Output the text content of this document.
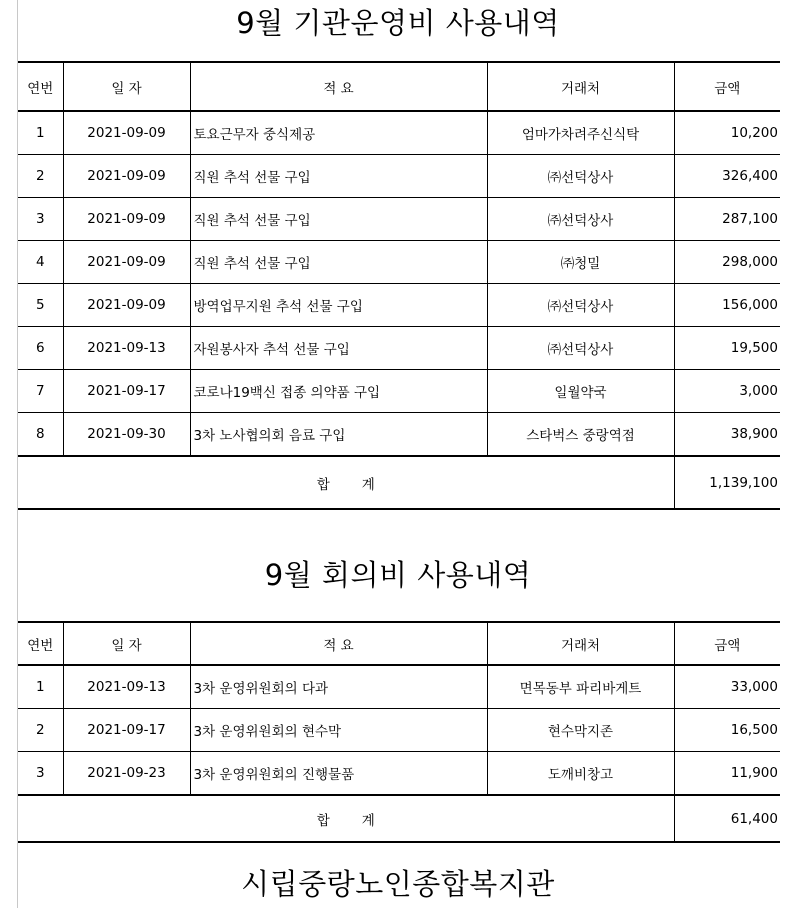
9월 기관운영비 사용내역
연번	일 자	적 요	거래처	금액
1	2021-09-09	토요근무자 중식제공	엄마가차려주신식탁	10,200
2	2021-09-09	직원 추석 선물 구입	㈜선덕상사	326,400
3	2021-09-09	직원 추석 선물 구입	㈜선덕상사	287,100
4	2021-09-09	직원 추석 선물 구입	㈜청밀	298,000
5	2021-09-09	방역업무지원 추석 선물 구입	㈜선덕상사	156,000
6	2021-09-13	자원봉사자 추석 선물 구입	㈜선덕상사	19,500
7	2021-09-17	코로나19백신 접종 의약품 구입	일월약국	3,000
8	2021-09-30	3차 노사협의회 음료 구입	스타벅스 중랑역점	38,900
합 계				1,139,100
9월 회의비 사용내역
연번	일 자	적 요	거래처	금액
1	2021-09-13	3차 운영위원회의 다과	면목동부 파리바게트	33,000
2	2021-09-17	3차 운영위원회의 현수막	현수막지존	16,500
3	2021-09-23	3차 운영위원회의 진행물품	도깨비창고	11,900
합 계				61,400
시립중랑노인종합복지관
